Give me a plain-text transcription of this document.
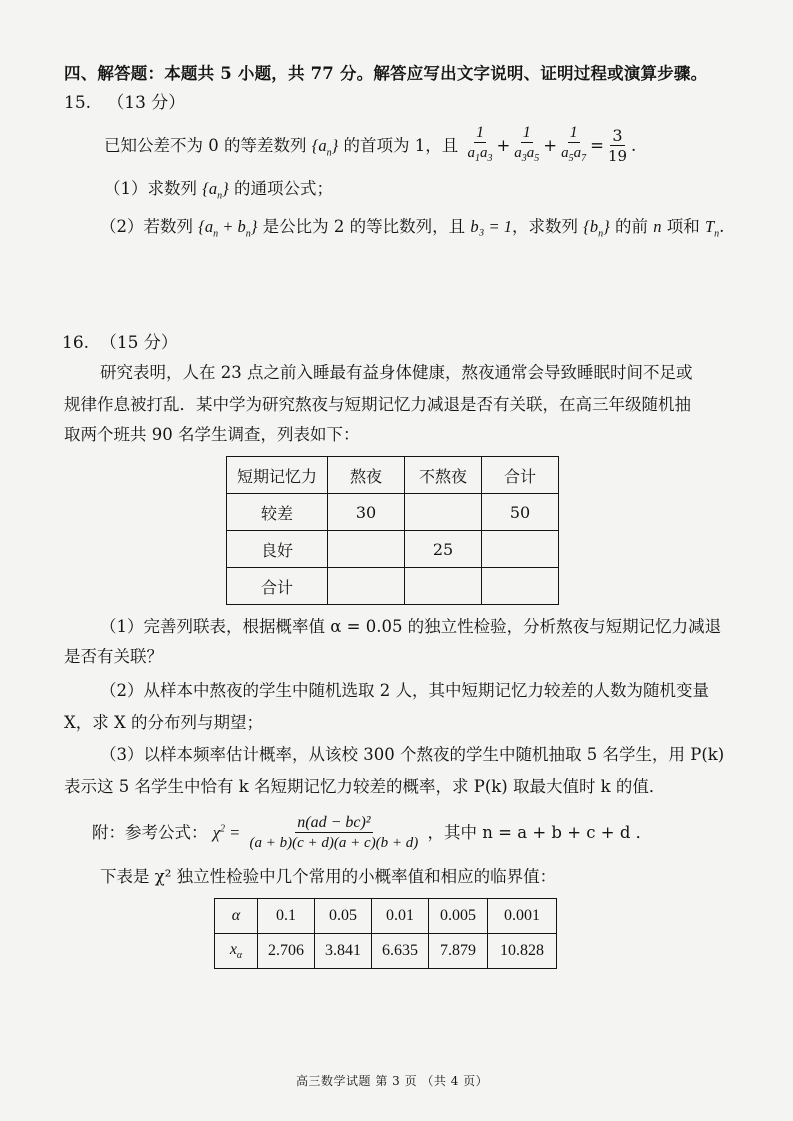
四、解答题：本题共 5 小题，共 77 分。解答应写出文字说明、证明过程或演算步骤。
15. （13 分）
已知公差不为 0 的等差数列 $\{a_n\}$ 的首项为 1，且 $\frac{1}{a_1a_3} + \frac{1}{a_3a_5} + \frac{1}{a_5a_7} = \frac{3}{19}$ .
（1）求数列 $\{a_n\}$ 的通项公式；
（2）若数列 $\{a_n + b_n\}$ 是公比为 2 的等比数列，且 b₃ = 1，求数列 $\{b_n\}$ 的前 n 项和 $T_n$.
16. （15 分）
研究表明，人在 23 点之前入睡最有益身体健康，熬夜通常会导致睡眠时间不足或
规律作息被打乱．某中学为研究熬夜与短期记忆力减退是否有关联，在高三年级随机抽
取两个班共 90 名学生调查，列表如下：
短期记忆力	熬夜	不熬夜	合计
较差	30		50
良好		25	
合计			
（1）完善列联表，根据概率值 α = 0.05 的独立性检验，分析熬夜与短期记忆力减退
是否有关联？
（2）从样本中熬夜的学生中随机选取 2 人，其中短期记忆力较差的人数为随机变量
X，求 X 的分布列与期望；
（3）以样本频率估计概率，从该校 300 个熬夜的学生中随机抽取 5 名学生，用 P(k)
表示这 5 名学生中恰有 k 名短期记忆力较差的概率，求 P(k) 取最大值时 k 的值．
附：参考公式： $\chi^2 = \frac{\text{n(ad − bc)²}}{(a + b)(c + d)(a + c)(b + d)}$ ，其中 n = a + b + c + d ．
下表是 χ² 独立性检验中几个常用的小概率值和相应的临界值：
α	0.1	0.05	0.01	0.005	0.001
$x_\alpha$	2.706	3.841	6.635	7.879	10.828
高三数学试题 第 3 页 （共 4 页）
